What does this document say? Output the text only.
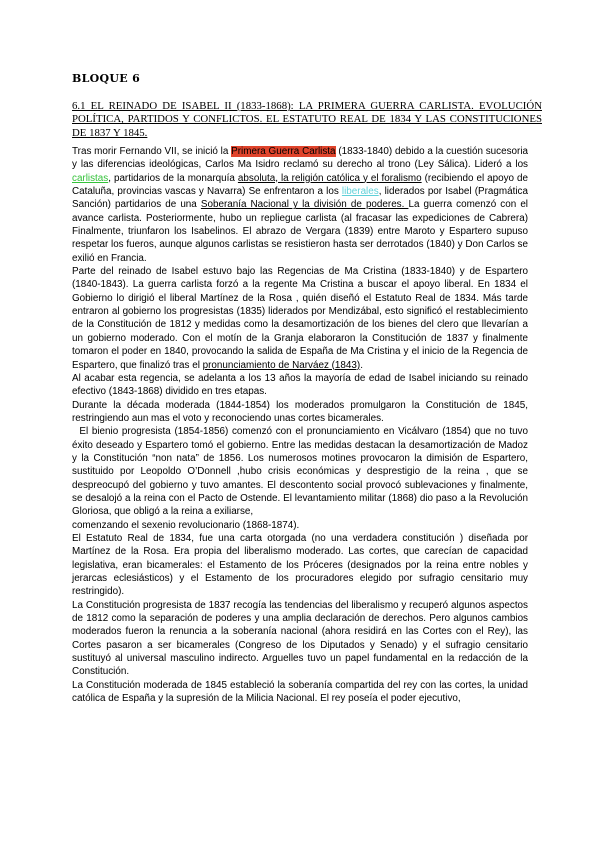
BLOQUE 6
6.1 EL REINADO DE ISABEL II (1833-1868): LA PRIMERA GUERRA CARLISTA. EVOLUCIÓN POLÍTICA, PARTIDOS Y CONFLICTOS. EL ESTATUTO REAL DE 1834 Y LAS CONSTITUCIONES DE 1837 Y 1845.

Tras morir Fernando VII, se inició la Primera Guerra Carlista (1833-1840) debido a la cuestión sucesoria y las diferencias ideológicas, Carlos Ma Isidro reclamó su derecho al trono (Ley Sálica). Lideró a los carlistas, partidarios de la monarquía absoluta, la religión católica y el foralismo (recibiendo el apoyo de Cataluña, provincias vascas y Navarra) Se enfrentaron a los liberales, liderados por Isabel (Pragmática Sanción) partidarios de una Soberanía Nacional y la división de poderes. La guerra comenzó con el avance carlista. Posteriormente, hubo un repliegue carlista (al fracasar las expediciones de Cabrera) Finalmente, triunfaron los Isabelinos. El abrazo de Vergara (1839) entre Maroto y Espartero supuso respetar los fueros, aunque algunos carlistas se resistieron hasta ser derrotados (1840) y Don Carlos se exilió en Francia.

Parte del reinado de Isabel estuvo bajo las Regencias de Ma Cristina (1833-1840) y de Espartero (1840-1843). La guerra carlista forzó a la regente Ma Cristina a buscar el apoyo liberal. En 1834 el Gobierno lo dirigió el liberal Martínez de la Rosa , quién diseñó el Estatuto Real de 1834. Más tarde entraron al gobierno los progresistas (1835) liderados por Mendizábal, esto significó el restablecimiento de la Constitución de 1812 y medidas como la desamortización de los bienes del clero que llevarían a un gobierno moderado. Con el motín de la Granja elaboraron la Constitución de 1837 y finalmente tomaron el poder en 1840, provocando la salida de España de Ma Cristina y el inicio de la Regencia de Espartero, que finalizó tras el pronunciamiento de Narváez (1843).

Al acabar esta regencia, se adelanta a los 13 años la mayoría de edad de Isabel iniciando su reinado efectivo (1843-1868) dividido en tres etapas.

Durante la década moderada (1844-1854) los moderados promulgaron la Constitución de 1845, restringiendo aun mas el voto y reconociendo unas cortes bicamerales.

El bienio progresista (1854-1856) comenzó con el pronunciamiento en Vicálvaro (1854) que no tuvo éxito deseado y Espartero tomó el gobierno. Entre las medidas destacan la desamortización de Madoz y la Constitución “non nata” de 1856. Los numerosos motines provocaron la dimisión de Espartero, sustituido por Leopoldo O’Donnell ,hubo crisis económicas y desprestigio de la reina , que se despreocupó del gobierno y tuvo amantes. El descontento social provocó sublevaciones y finalmente, se desalojó a la reina con el Pacto de Ostende. El levantamiento militar (1868) dio paso a la Revolución Gloriosa, que obligó a la reina a exiliarse,

comenzando el sexenio revolucionario (1868-1874).

El Estatuto Real de 1834, fue una carta otorgada (no una verdadera constitución ) diseñada por Martínez de la Rosa. Era propia del liberalismo moderado. Las cortes, que carecían de capacidad legislativa, eran bicamerales: el Estamento de los Próceres (designados por la reina entre nobles y jerarcas eclesiásticos) y el Estamento de los procuradores elegido por sufragio censitario muy restringido).

La Constitución progresista de 1837 recogía las tendencias del liberalismo y recuperó algunos aspectos de 1812 como la separación de poderes y una amplia declaración de derechos. Pero algunos cambios moderados fueron la renuncia a la soberanía nacional (ahora residirá en las Cortes con el Rey), las Cortes pasaron a ser bicamerales (Congreso de los Diputados y Senado) y el sufragio censitario sustituyó al universal masculino indirecto. Arguelles tuvo un papel fundamental en la redacción de la Constitución.

La Constitución moderada de 1845 estableció la soberanía compartida del rey con las cortes, la unidad católica de España y la supresión de la Milicia Nacional. El rey poseía el poder ejecutivo,
